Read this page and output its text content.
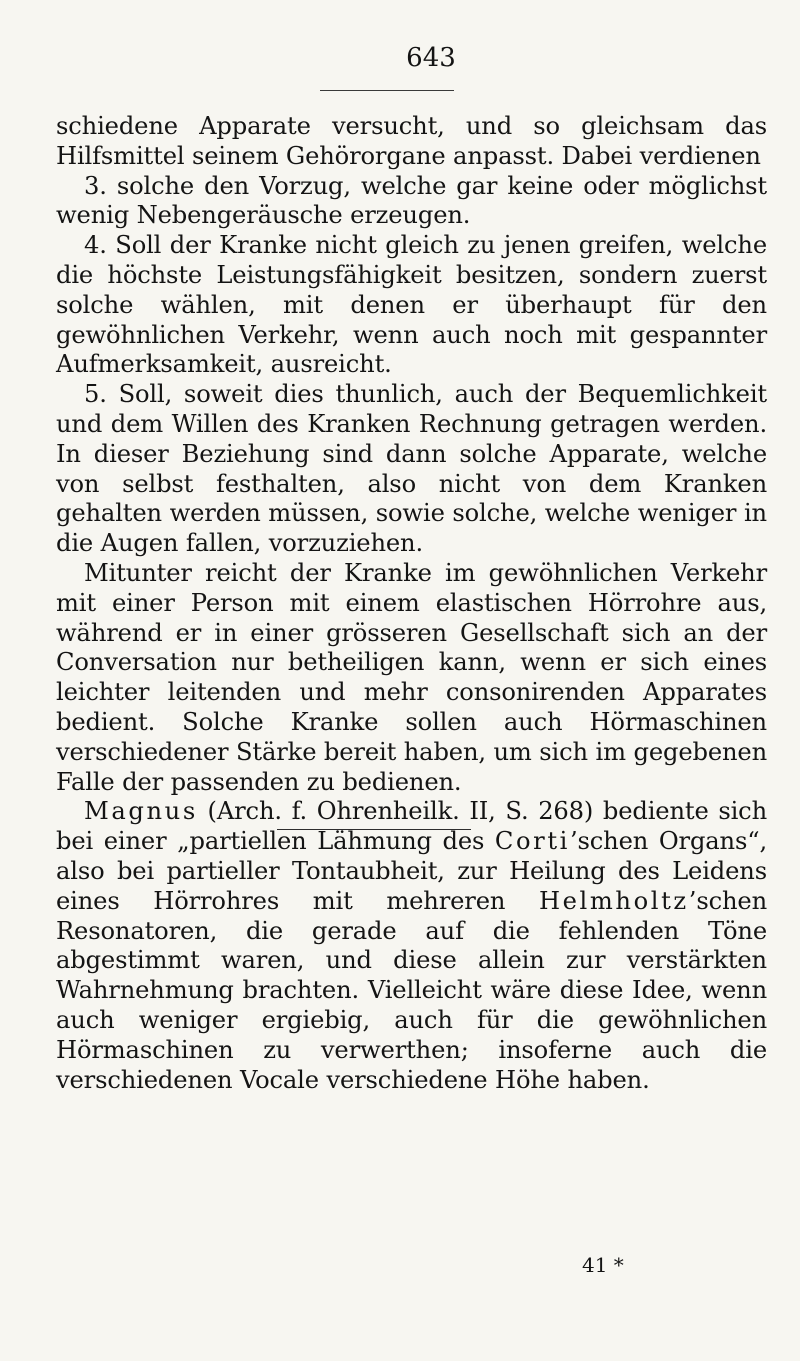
643

schiedene Apparate versucht, und so gleichsam das Hilfsmittel seinem Gehörorgane anpasst. Dabei verdienen

3. solche den Vorzug, welche gar keine oder möglichst wenig Nebengeräusche erzeugen.

4. Soll der Kranke nicht gleich zu jenen greifen, welche die höchste Leistungsfähigkeit besitzen, sondern zuerst solche wählen, mit denen er überhaupt für den gewöhnlichen Verkehr, wenn auch noch mit gespannter Aufmerksamkeit, ausreicht.

5. Soll, soweit dies thunlich, auch der Bequemlichkeit und dem Willen des Kranken Rechnung getragen werden. In dieser Beziehung sind dann solche Apparate, welche von selbst festhalten, also nicht von dem Kranken gehalten werden müssen, sowie solche, welche weniger in die Augen fallen, vorzuziehen.

Mitunter reicht der Kranke im gewöhnlichen Verkehr mit einer Person mit einem elastischen Hörrohre aus, während er in einer grösseren Gesellschaft sich an der Conversation nur betheiligen kann, wenn er sich eines leichter leitenden und mehr consonirenden Apparates bedient. Solche Kranke sollen auch Hörmaschinen verschiedener Stärke bereit haben, um sich im gegebenen Falle der passenden zu bedienen.

Magnus (Arch. f. Ohrenheilk. II, S. 268) bediente sich bei einer „partiellen Lähmung des Corti’schen Organs“, also bei partieller Tontaubheit, zur Heilung des Leidens eines Hörrohres mit mehreren Helmholtz’schen Resonatoren, die gerade auf die fehlenden Töne abgestimmt waren, und diese allein zur verstärkten Wahrnehmung brachten. Vielleicht wäre diese Idee, wenn auch weniger ergiebig, auch für die gewöhnlichen Hörmaschinen zu verwerthen; insoferne auch die verschiedenen Vocale verschiedene Höhe haben.

41 *
